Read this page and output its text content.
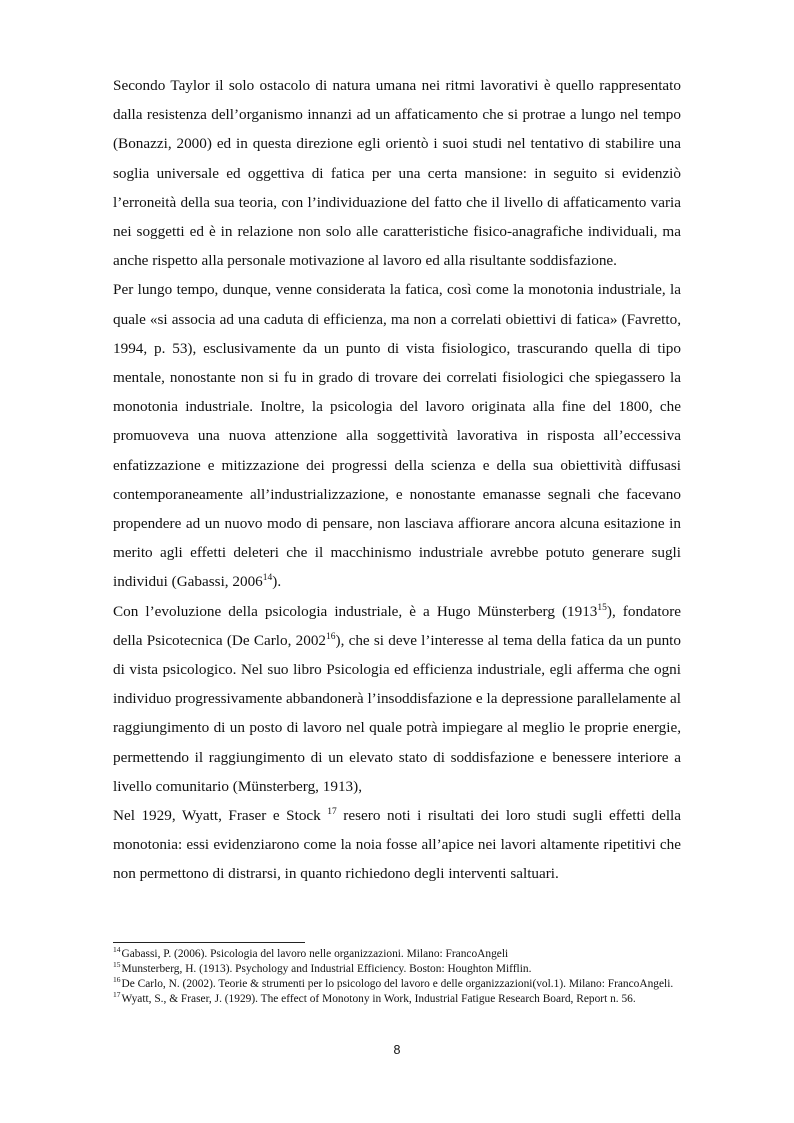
Secondo Taylor il solo ostacolo di natura umana nei ritmi lavorativi è quello rappresentato dalla resistenza dell’organismo innanzi ad un affaticamento che si protrae a lungo nel tempo (Bonazzi, 2000) ed in questa direzione egli orientò i suoi studi nel tentativo di stabilire una soglia universale ed oggettiva di fatica per una certa mansione: in seguito si evidenziò l’erroneità della sua teoria, con l’individuazione del fatto che il livello di affaticamento varia nei soggetti ed è in relazione non solo alle caratteristiche fisico-anagrafiche individuali, ma anche rispetto alla personale motivazione al lavoro ed alla risultante soddisfazione.

Per lungo tempo, dunque, venne considerata la fatica, così come la monotonia industriale, la quale «si associa ad una caduta di efficienza, ma non a correlati obiettivi di fatica» (Favretto, 1994, p. 53), esclusivamente da un punto di vista fisiologico, trascurando quella di tipo mentale, nonostante non si fu in grado di trovare dei correlati fisiologici che spiegassero la monotonia industriale. Inoltre, la psicologia del lavoro originata alla fine del 1800, che promuoveva una nuova attenzione alla soggettività lavorativa in risposta all’eccessiva enfatizzazione e mitizzazione dei progressi della scienza e della sua obiettività diffusasi contemporaneamente all’industrializzazione, e nonostante emanasse segnali che facevano propendere ad un nuovo modo di pensare, non lasciava affiorare ancora alcuna esitazione in merito agli effetti deleteri che il macchinismo industriale avrebbe potuto generare sugli individui (Gabassi, 2006$^{14}$).

Con l’evoluzione della psicologia industriale, è a Hugo Münsterberg (1913$^{15}$), fondatore della Psicotecnica (De Carlo, 2002$^{16}$), che si deve l’interesse al tema della fatica da un punto di vista psicologico. Nel suo libro Psicologia ed efficienza industriale, egli afferma che ogni individuo progressivamente abbandonerà l’insoddisfazione e la depressione parallelamente al raggiungimento di un posto di lavoro nel quale potrà impiegare al meglio le proprie energie, permettendo il raggiungimento di un elevato stato di soddisfazione e benessere interiore a livello comunitario (Münsterberg, 1913),

Nel 1929, Wyatt, Fraser e Stock $^{17}$ resero noti i risultati dei loro studi sugli effetti della monotonia: essi evidenziarono come la noia fosse all’apice nei lavori altamente ripetitivi che non permettono di distrarsi, in quanto richiedono degli interventi saltuari.

$^{14}$Gabassi, P. (2006). Psicologia del lavoro nelle organizzazioni. Milano: FrancoAngeli

$^{15}$Munsterberg, H. (1913). Psychology and Industrial Efficiency. Boston: Houghton Mifflin.

$^{16}$De Carlo, N. (2002). Teorie & strumenti per lo psicologo del lavoro e delle organizzazioni(vol.1). Milano: FrancoAngeli.

$^{17}$Wyatt, S., & Fraser, J. (1929). The effect of Monotony in Work, Industrial Fatigue Research Board, Report n. 56.

8
